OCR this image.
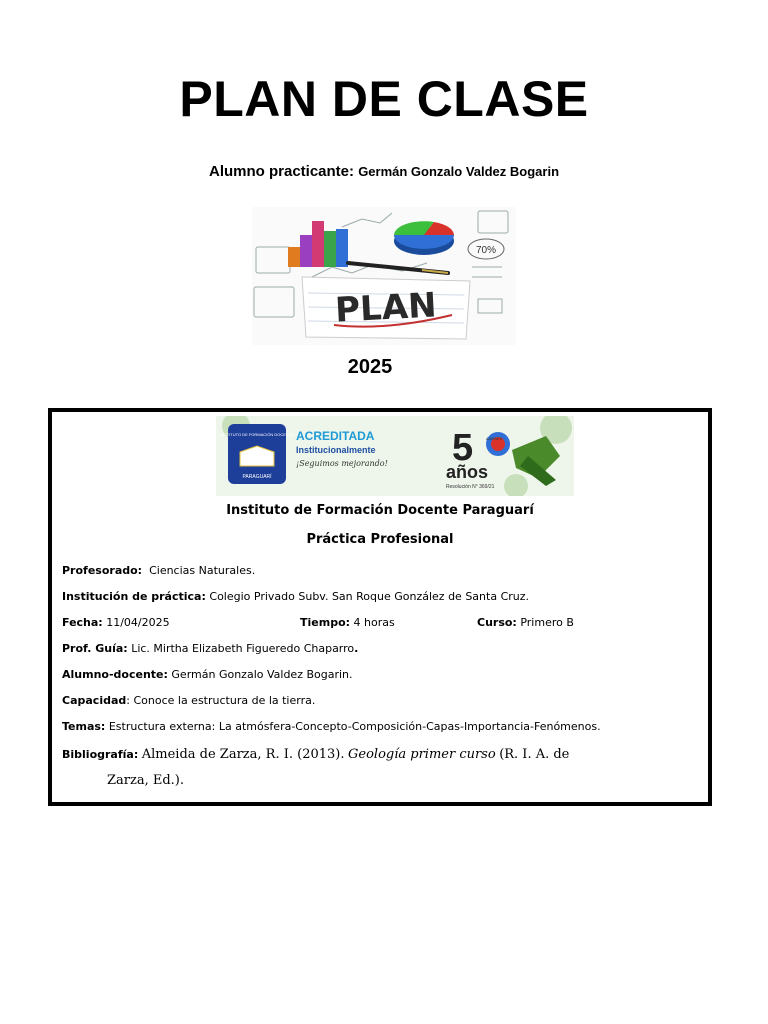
PLAN DE CLASE
Alumno practicante: Germán Gonzalo Valdez Bogarin
70%
PLAN
2025
INSTITUTO DE FORMACIÓN DOCENTE
PARAGUARÍ
ACREDITADA
Institucionalmente
¡Seguimos mejorando! 5	ANEAES
años
Resolución N° 369/21
Instituto de Formación Docente Paraguarí
Práctica Profesional
Profesorado: Ciencias Naturales.
Institución de práctica: Colegio Privado Subv. San Roque González de Santa Cruz.
Fecha: 11/04/2025	Tiempo: 4 horas	Curso: Primero B
Prof. Guía: Lic. Mirtha Elizabeth Figueredo Chaparro.
Alumno-docente: Germán Gonzalo Valdez Bogarin.
Capacidad: Conoce la estructura de la tierra.
Temas: Estructura externa: La atmósfera-Concepto-Composición-Capas-Importancia-Fenómenos.
Bibliografía: Almeida de Zarza, R. I. (2013). Geología primer curso (R. I. A. de
Zarza, Ed.).
